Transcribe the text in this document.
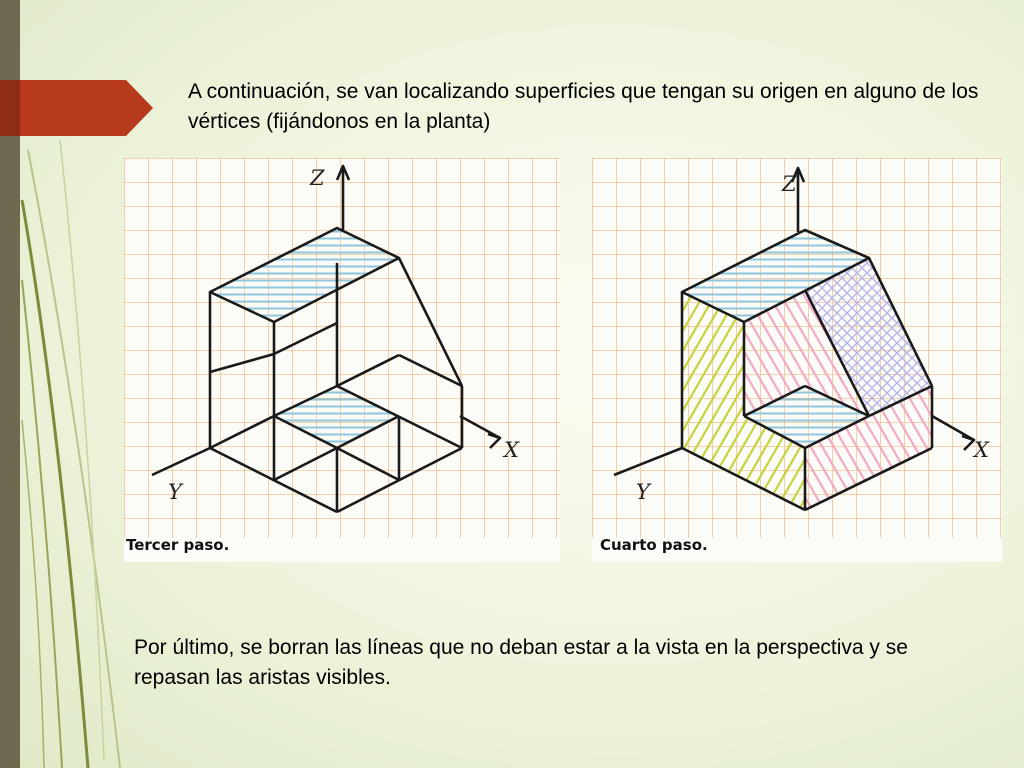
A continuación, se van localizando superficies que tengan su origen en alguno de los vértices (fijándonos en la planta)

Z
X
Y
Tercer paso.
Z
X
Y
Cuarto paso.

Por último, se borran las líneas que no deban estar a la vista en la perspectiva y se repasan las aristas visibles.
